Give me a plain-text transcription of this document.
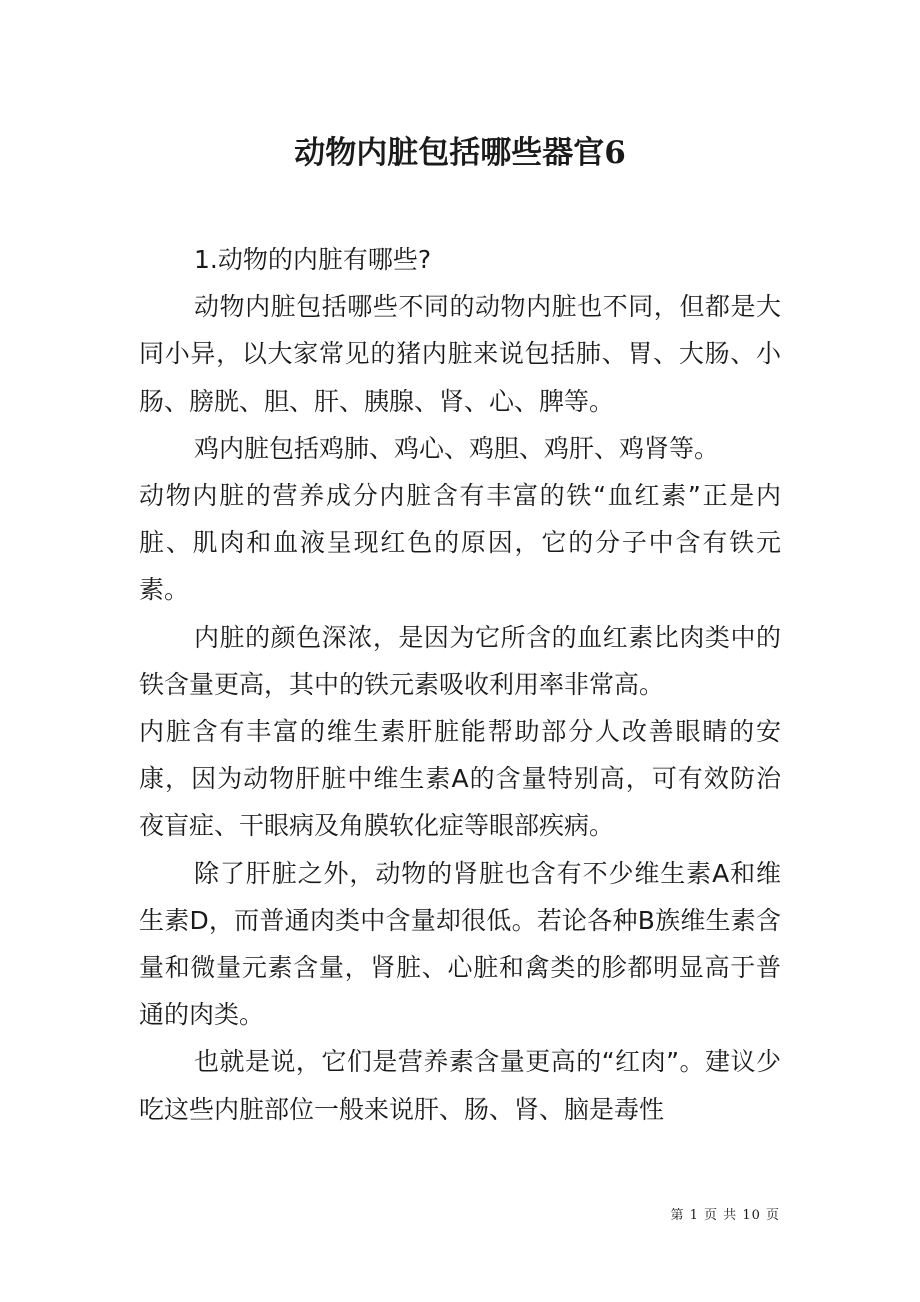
动物内脏包括哪些器官6

1.动物的内脏有哪些?

动物内脏包括哪些不同的动物内脏也不同，但都是大同小异，以大家常见的猪内脏来说包括肺、胃、大肠、小肠、膀胱、胆、肝、胰腺、肾、心、脾等。

鸡内脏包括鸡肺、鸡心、鸡胆、鸡肝、鸡肾等。

动物内脏的营养成分内脏含有丰富的铁“血红素”正是内脏、肌肉和血液呈现红色的原因，它的分子中含有铁元素。

内脏的颜色深浓，是因为它所含的血红素比肉类中的铁含量更高，其中的铁元素吸收利用率非常高。

内脏含有丰富的维生素肝脏能帮助部分人改善眼睛的安康，因为动物肝脏中维生素A的含量特别高，可有效防治夜盲症、干眼病及角膜软化症等眼部疾病。

除了肝脏之外，动物的肾脏也含有不少维生素A和维生素D，而普通肉类中含量却很低。若论各种B族维生素含量和微量元素含量，肾脏、心脏和禽类的胗都明显高于普通的肉类。

也就是说，它们是营养素含量更高的“红肉”。建议少吃这些内脏部位一般来说肝、肠、肾、脑是毒性

第 1 页 共 10 页
